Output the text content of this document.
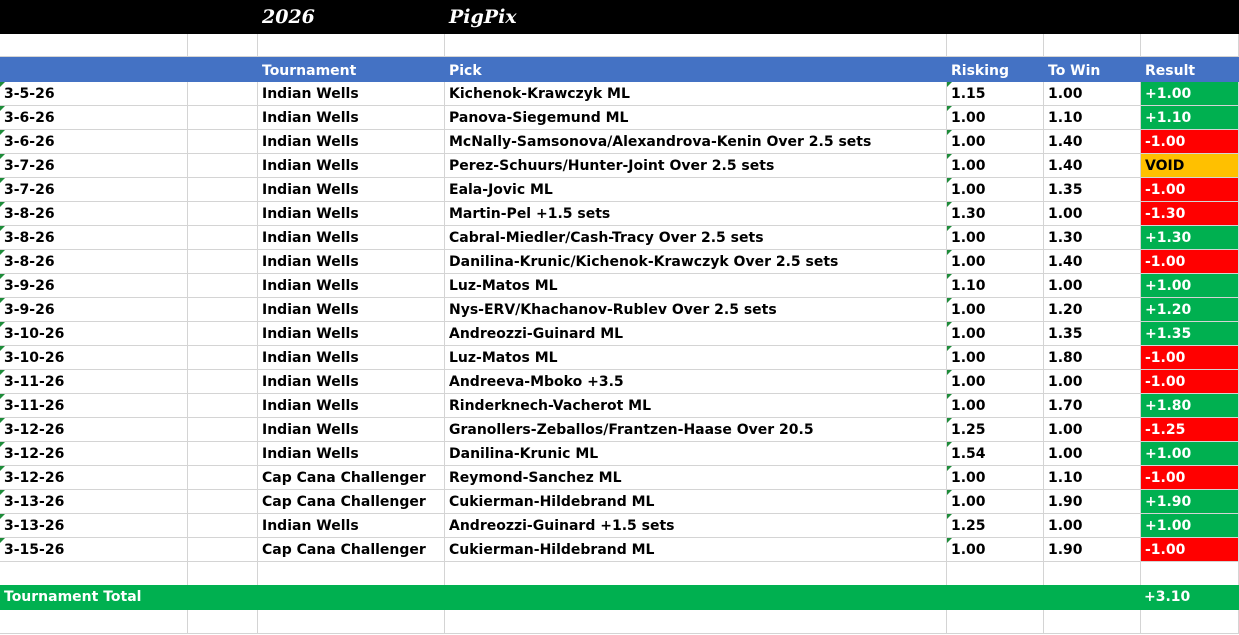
2026	PigPix
Tournament	Pick	Risking	To Win	Result
3-5-26	Indian Wells	Kichenok-Krawczyk ML	1.15	1.00	+1.00
3-6-26	Indian Wells	Panova-Siegemund ML	1.00	1.10	+1.10
3-6-26	Indian Wells	McNally-Samsonova/Alexandrova-Kenin Over 2.5 sets	1.00	1.40	-1.00
3-7-26	Indian Wells	Perez-Schuurs/Hunter-Joint Over 2.5 sets	1.00	1.40	VOID
3-7-26	Indian Wells	Eala-Jovic ML	1.00	1.35	-1.00
3-8-26	Indian Wells	Martin-Pel +1.5 sets	1.30	1.00	-1.30
3-8-26	Indian Wells	Cabral-Miedler/Cash-Tracy Over 2.5 sets	1.00	1.30	+1.30
3-8-26	Indian Wells	Danilina-Krunic/Kichenok-Krawczyk Over 2.5 sets	1.00	1.40	-1.00
3-9-26	Indian Wells	Luz-Matos ML	1.10	1.00	+1.00
3-9-26	Indian Wells	Nys-ERV/Khachanov-Rublev Over 2.5 sets	1.00	1.20	+1.20
3-10-26	Indian Wells	Andreozzi-Guinard ML	1.00	1.35	+1.35
3-10-26	Indian Wells	Luz-Matos ML	1.00	1.80	-1.00
3-11-26	Indian Wells	Andreeva-Mboko +3.5	1.00	1.00	-1.00
3-11-26	Indian Wells	Rinderknech-Vacherot ML	1.00	1.70	+1.80
3-12-26	Indian Wells	Granollers-Zeballos/Frantzen-Haase Over 20.5	1.25	1.00	-1.25
3-12-26	Indian Wells	Danilina-Krunic ML	1.54	1.00	+1.00
3-12-26	Cap Cana Challenger	Reymond-Sanchez ML	1.00	1.10	-1.00
3-13-26	Cap Cana Challenger	Cukierman-Hildebrand ML	1.00	1.90	+1.90
3-13-26	Indian Wells	Andreozzi-Guinard +1.5 sets	1.25	1.00	+1.00
3-15-26	Cap Cana Challenger	Cukierman-Hildebrand ML	1.00	1.90	-1.00
Tournament Total	+3.10
